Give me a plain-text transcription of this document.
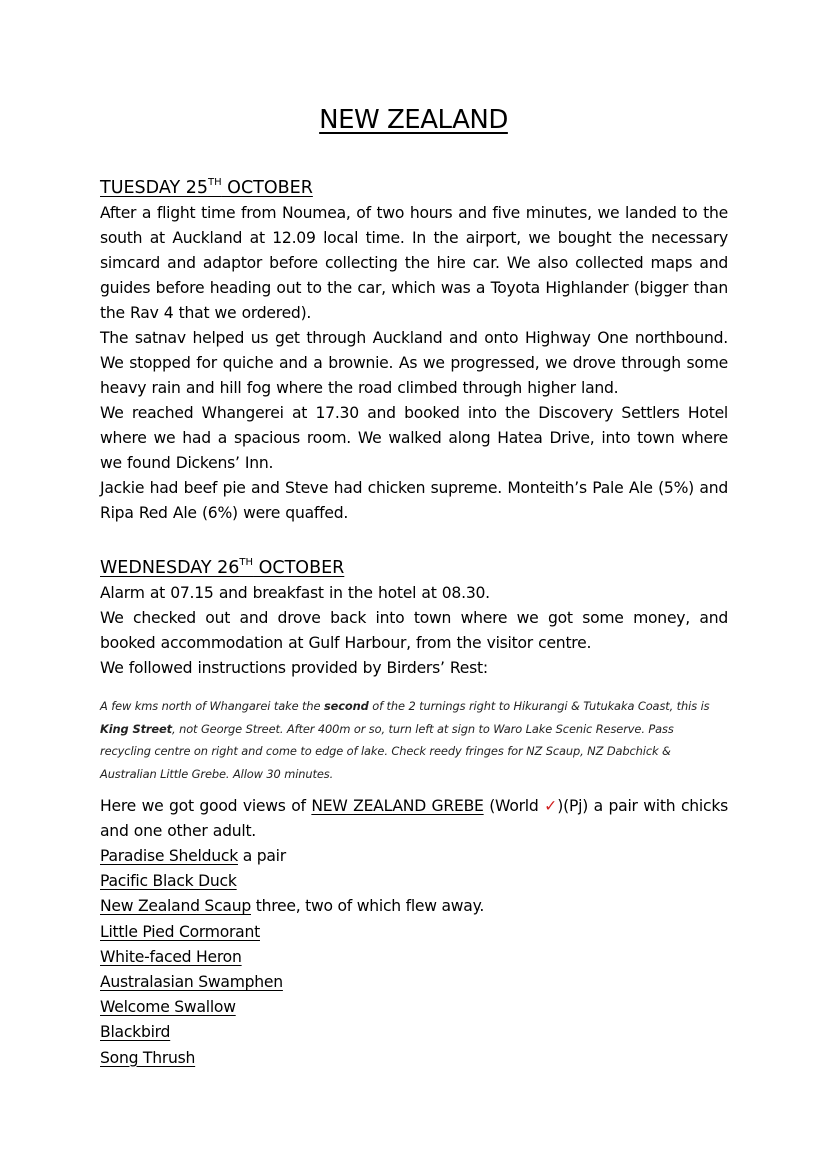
NEW ZEALAND
TUESDAY 25TH OCTOBER
After a flight time from Noumea, of two hours and five minutes, we landed to the south at Auckland at 12.09 local time. In the airport, we bought the necessary simcard and adaptor before collecting the hire car. We also collected maps and guides before heading out to the car, which was a Toyota Highlander (bigger than the Rav 4 that we ordered).
The satnav helped us get through Auckland and onto Highway One northbound. We stopped for quiche and a brownie. As we progressed, we drove through some heavy rain and hill fog where the road climbed through higher land.
We reached Whangerei at 17.30 and booked into the Discovery Settlers Hotel where we had a spacious room. We walked along Hatea Drive, into town where we found Dickens’ Inn.
Jackie had beef pie and Steve had chicken supreme. Monteith’s Pale Ale (5%) and Ripa Red Ale (6%) were quaffed.
WEDNESDAY 26TH OCTOBER
Alarm at 07.15 and breakfast in the hotel at 08.30.
We checked out and drove back into town where we got some money, and booked accommodation at Gulf Harbour, from the visitor centre.
We followed instructions provided by Birders’ Rest:
A few kms north of Whangarei take the second of the 2 turnings right to Hikurangi & Tutukaka Coast, this is King Street, not George Street. After 400m or so, turn left at sign to Waro Lake Scenic Reserve. Pass recycling centre on right and come to edge of lake. Check reedy fringes for NZ Scaup, NZ Dabchick & Australian Little Grebe. Allow 30 minutes.
Here we got good views of NEW ZEALAND GREBE (World ✓)(Pj) a pair with chicks and one other adult.
Paradise Shelduck a pair
Pacific Black Duck
New Zealand Scaup three, two of which flew away.
Little Pied Cormorant
White-faced Heron
Australasian Swamphen
Welcome Swallow
Blackbird
Song Thrush
